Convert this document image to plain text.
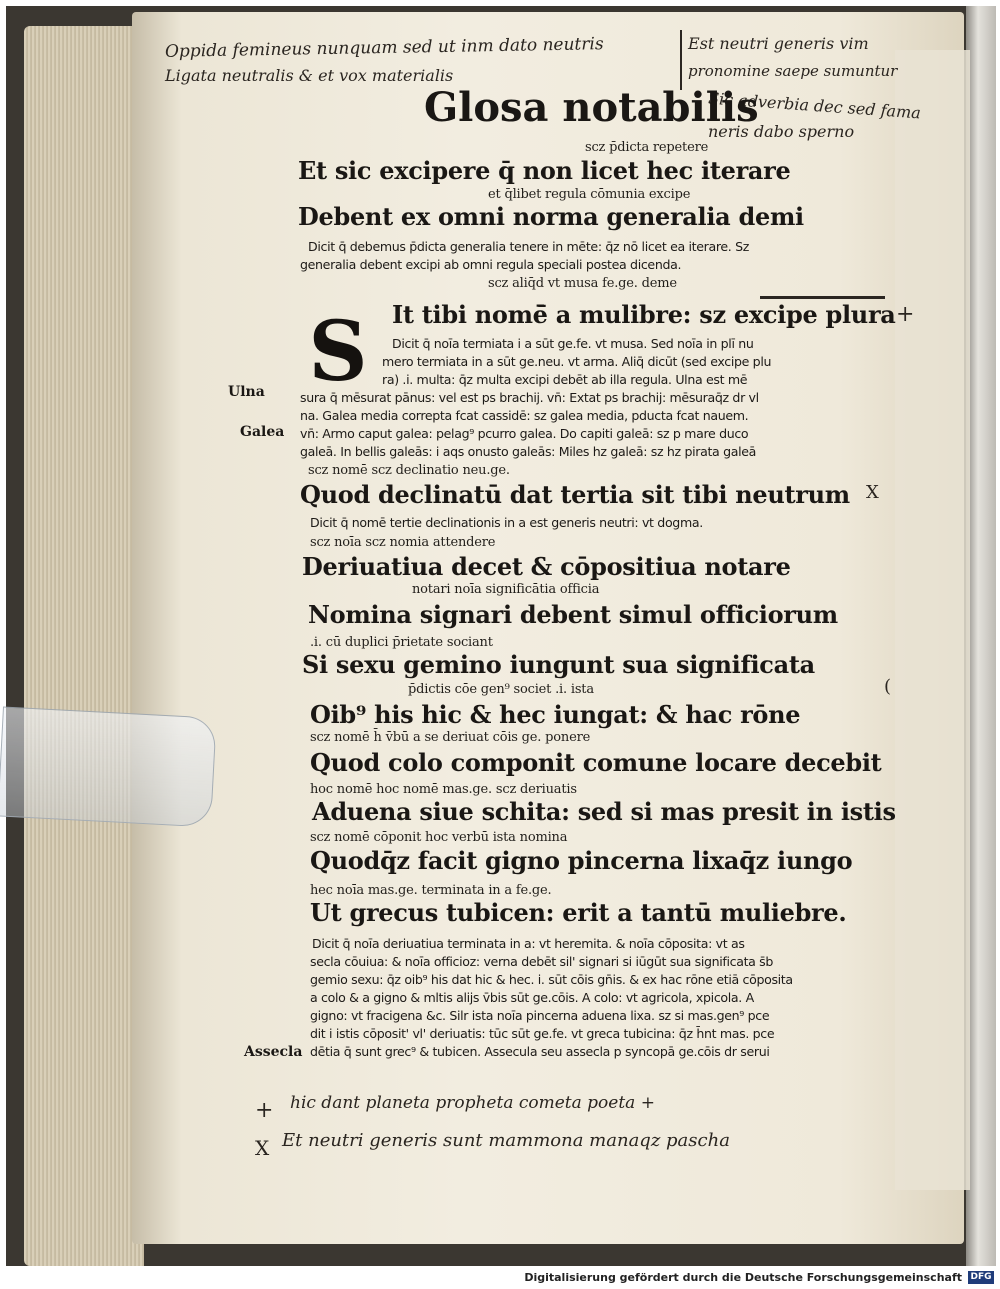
Oppida femineus nunquam sed ut inm dato neutris
Ligata neutralis & et vox materialis
Est neutri generis vim
pronomine saepe sumuntur
Sic adverbia dec sed fama
neris dabo sperno
+
X
(
+ hic dant planeta propheta cometa poeta +
X Et neutri generis sunt mammona manaqz pascha
Glosa notabilis
S
Ulna
Galea
Assecla
scz p̄dicta repetere
Et sic excipere q̄ non licet hec iterare
et q̄libet regula cōmunia excipe
Debent ex omni norma generalia demi
Dicit q̄ debemus p̄dicta generalia tenere in mēte: q̄z nō licet ea iterare. Sz
generalia debent excipi ab omni regula speciali postea dicenda.
scz aliq̄d vt musa fe.ge. deme
It tibi nomē̄ a mulibre: sz excipe plura
Dicit q̄ noīa termiata i a sūt ge.fe. vt musa. Sed noīa in plī nu
mero termiata in a sūt ge.neu. vt arma. Aliq̄ dicūt (sed excipe plu
ra) .i. multa: q̄z multa excipi debēt ab illa regula. Ulna est mē
sura q̄ mēsurat pānus: vel est ps brachij. vn̄: Extat ps brachij: mēsuraq̄z dr vl
na. Galea media correpta fcat cassidē: sz galea media, pducta fcat nauem.
vn̄: Armo caput galea: pelag⁹ pcurro galea. Do capiti galeā: sz p mare duco
galeā. In bellis galeās: i aqs onusto galeās: Miles hz galeā: sz hz pirata galeā
scz nomē scz declinatio neu.ge.
Quod declinatū dat tertia sit tibi neutrum
Dicit q̄ nomē tertie declinationis in a est generis neutri: vt dogma.
scz noīa scz nomia attendere
Deriuatiua decet & cōpositiua notare
notari noīa significātia officia
Nomina signari debent simul officiorum
.i. cū duplici p̄rietate sociant
Si sexu gemino iungunt sua significata
p̄dictis cōe gen⁹ societ .i. ista
Oib⁹ his hic & hec iungat: & hac rōne
scz nomē h̄ v̄bū a se deriuat cōis ge. ponere
Quod colo componit comune locare decebit
hoc nomē hoc nomē mas.ge. scz deriuatis
Aduena siue schita: sed si mas presit in istis
scz nomē cōponit hoc verbū ista nomina
Quodq̄z facit gigno pincerna lixaq̄z iungo
hec noīa mas.ge. terminata in a fe.ge.
Ut grecus tubicen: erit a tantū muliebre.
Dicit q̄ noīa deriuatiua terminata in a: vt heremita. & noīa cōposita: vt as
secla cōuiua: & noīa officioz: verna debēt sil' signari si iūgūt sua significata s̄b
gemio sexu: q̄z oib⁹ his dat hic & hec. i. sūt cōis gn̄is. & ex hac rōne etiā cōposita
a colo & a gigno & mltis alijs v̄bis sūt ge.cōis. A colo: vt agricola, xpicola. A
gigno: vt fracigena &c. Silr ista noīa pincerna aduena lixa. sz si mas.gen⁹ pce
dit i istis cōposit' vl' deriuatis: tūc sūt ge.fe. vt greca tubicina: q̄z h̄nt mas. pce
dētia q̄ sunt grec⁹ & tubicen. Assecula seu assecla p syncopā ge.cōis dr serui
Digitalisierung gefördert durch die Deutsche Forschungsgemeinschaft DFG
